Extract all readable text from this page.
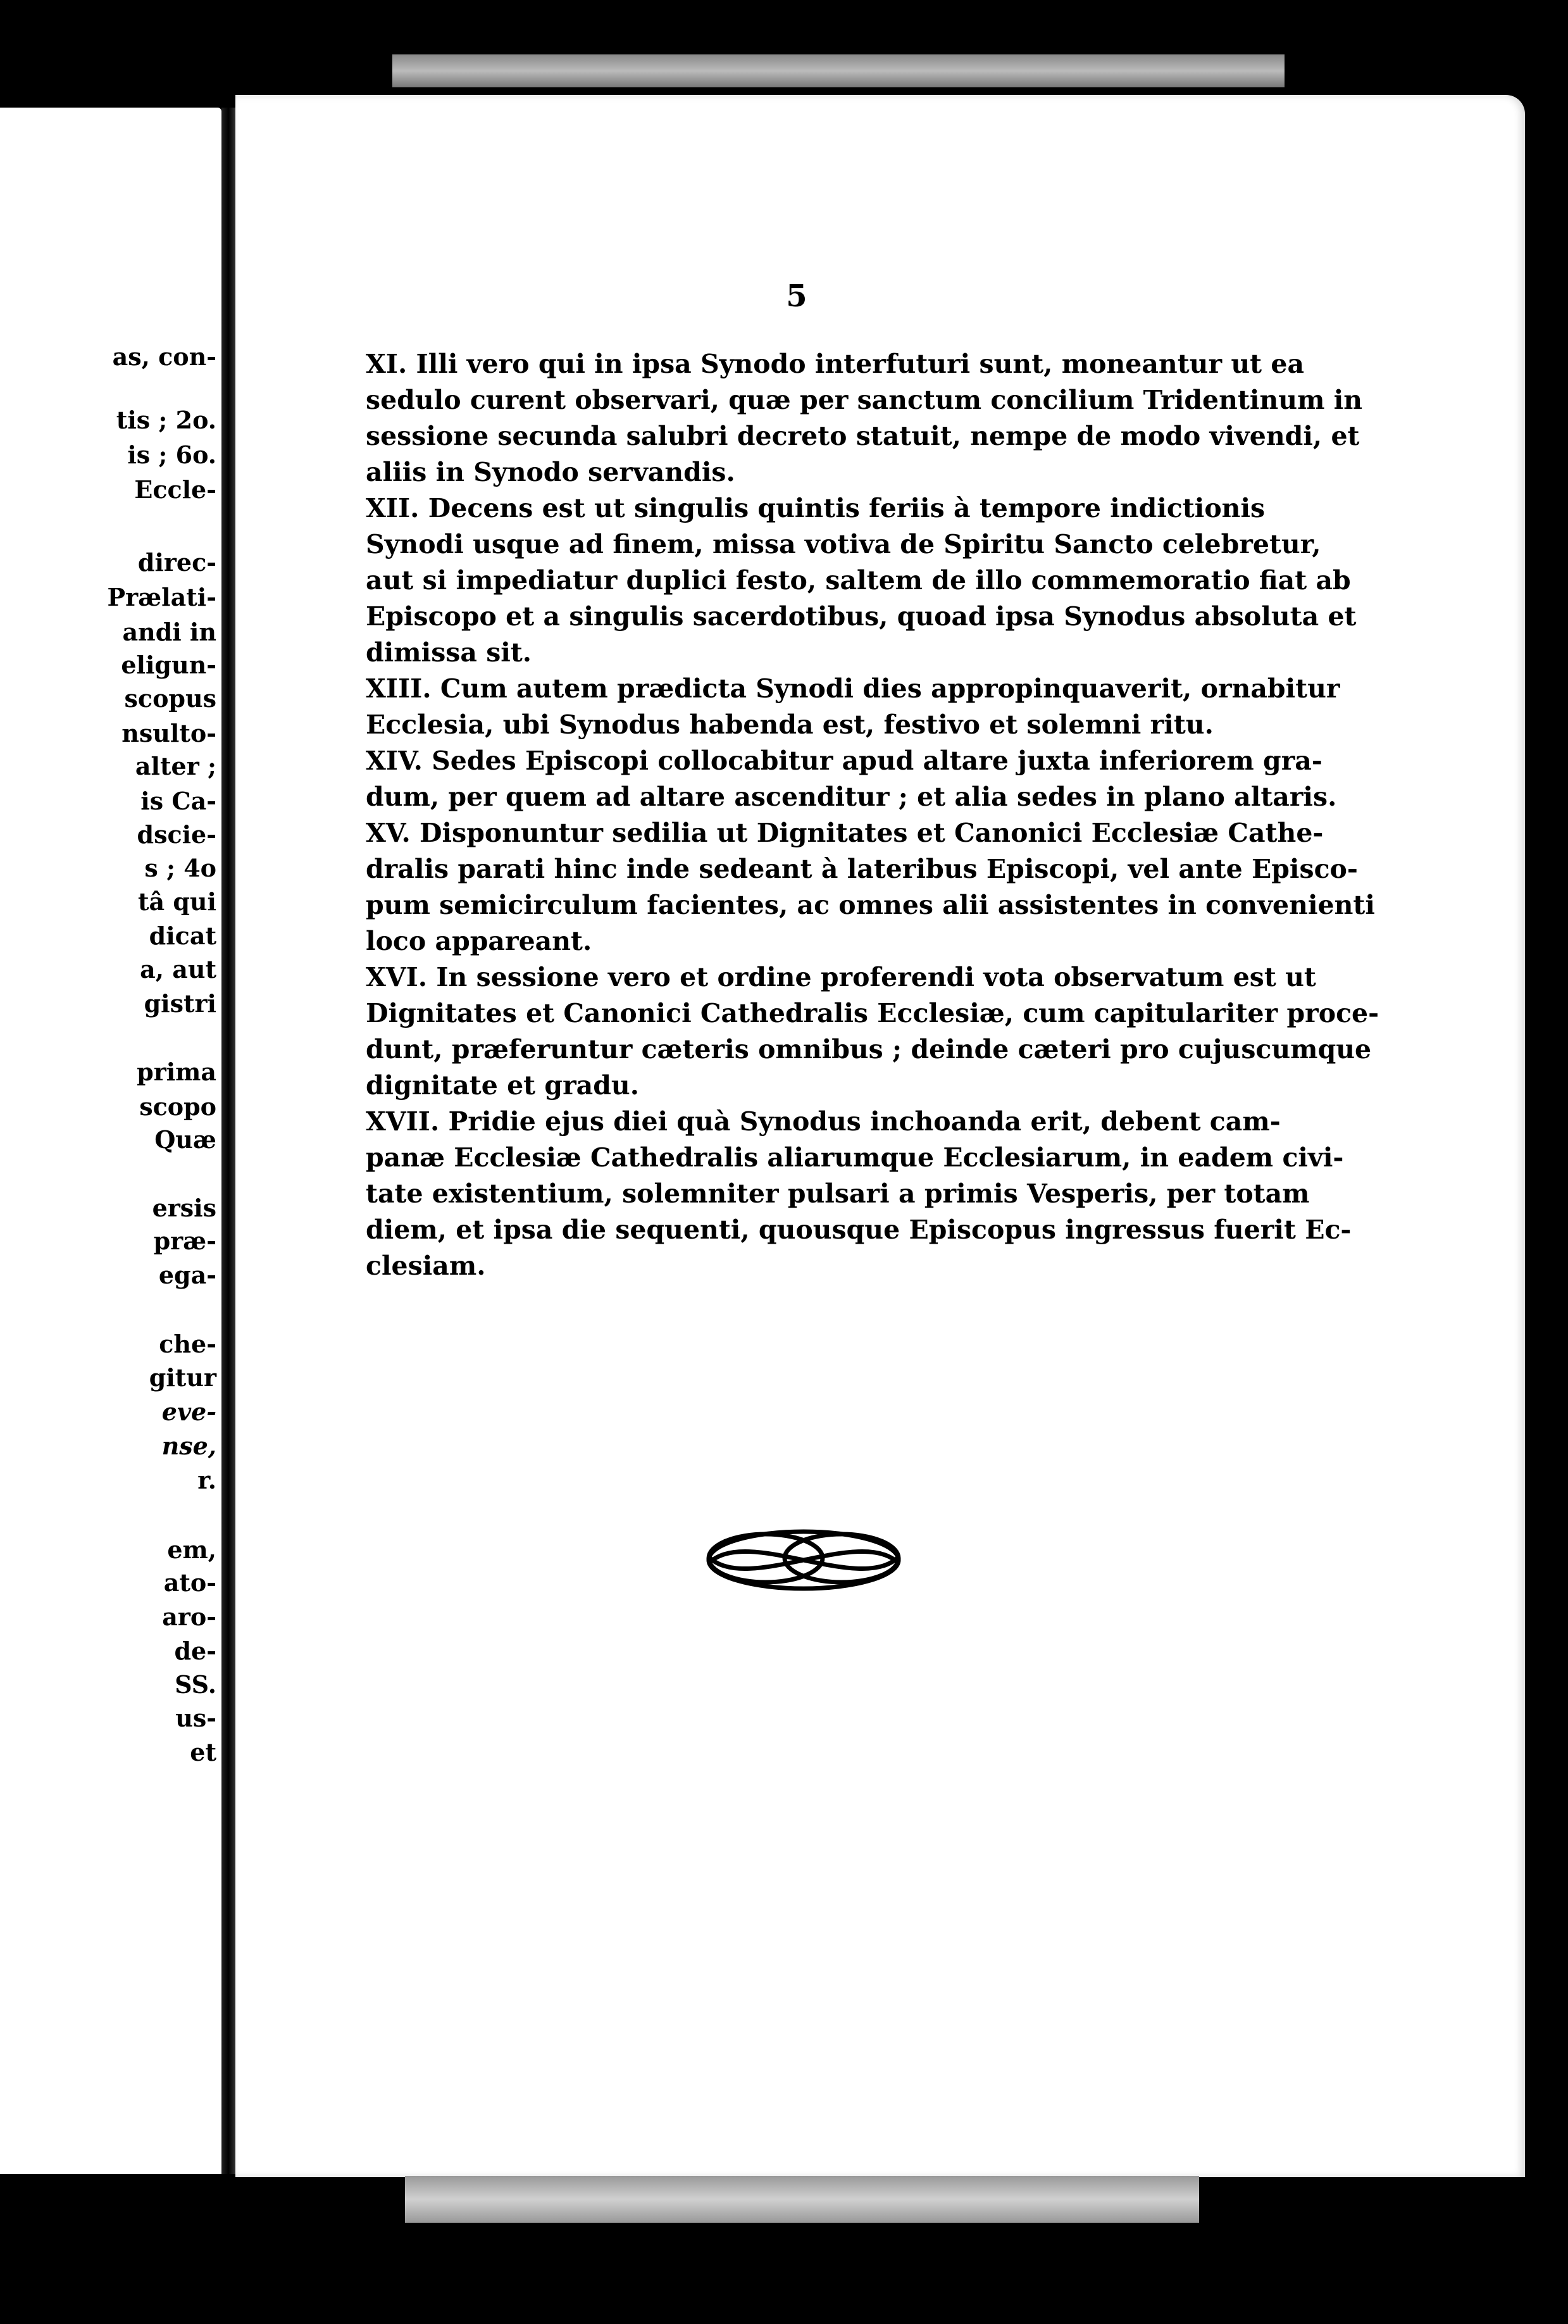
as, con-
tis ; 2o.
is ; 6o.
Eccle-
direc-
Prælati-
andi in
eligun-
scopus
nsulto-
alter ;
is Ca-
dscie-
s ; 4o
tâ qui
dicat
a, aut
gistri
prima
scopo
Quæ
ersis
præ-
ega-
che-
gitur
eve-
nse,
r.
em,
ato-
aro-
de-
SS.
us-
et
5

XI. Illi vero qui in ipsa Synodo interfuturi sunt, moneantur ut ea
sedulo curent observari, quæ per sanctum concilium Tridentinum in
sessione secunda salubri decreto statuit, nempe de modo vivendi, et
aliis in Synodo servandis.

XII. Decens est ut singulis quintis feriis à tempore indictionis
Synodi usque ad finem, missa votiva de Spiritu Sancto celebretur,
aut si impediatur duplici festo, saltem de illo commemoratio fiat ab
Episcopo et a singulis sacerdotibus, quoad ipsa Synodus absoluta et
dimissa sit.

XIII. Cum autem prædicta Synodi dies appropinquaverit, ornabitur
Ecclesia, ubi Synodus habenda est, festivo et solemni ritu.

XIV. Sedes Episcopi collocabitur apud altare juxta inferiorem gra-
dum, per quem ad altare ascenditur ; et alia sedes in plano altaris.

XV. Disponuntur sedilia ut Dignitates et Canonici Ecclesiæ Cathe-
dralis parati hinc inde sedeant à lateribus Episcopi, vel ante Episco-
pum semicirculum facientes, ac omnes alii assistentes in convenienti
loco appareant.

XVI. In sessione vero et ordine proferendi vota observatum est ut
Dignitates et Canonici Cathedralis Ecclesiæ, cum capitulariter proce-
dunt, præferuntur cæteris omnibus ; deinde cæteri pro cujuscumque
dignitate et gradu.

XVII. Pridie ejus diei quà Synodus inchoanda erit, debent cam-
panæ Ecclesiæ Cathedralis aliarumque Ecclesiarum, in eadem civi-
tate existentium, solemniter pulsari a primis Vesperis, per totam
diem, et ipsa die sequenti, quousque Episcopus ingressus fuerit Ec-
clesiam.
